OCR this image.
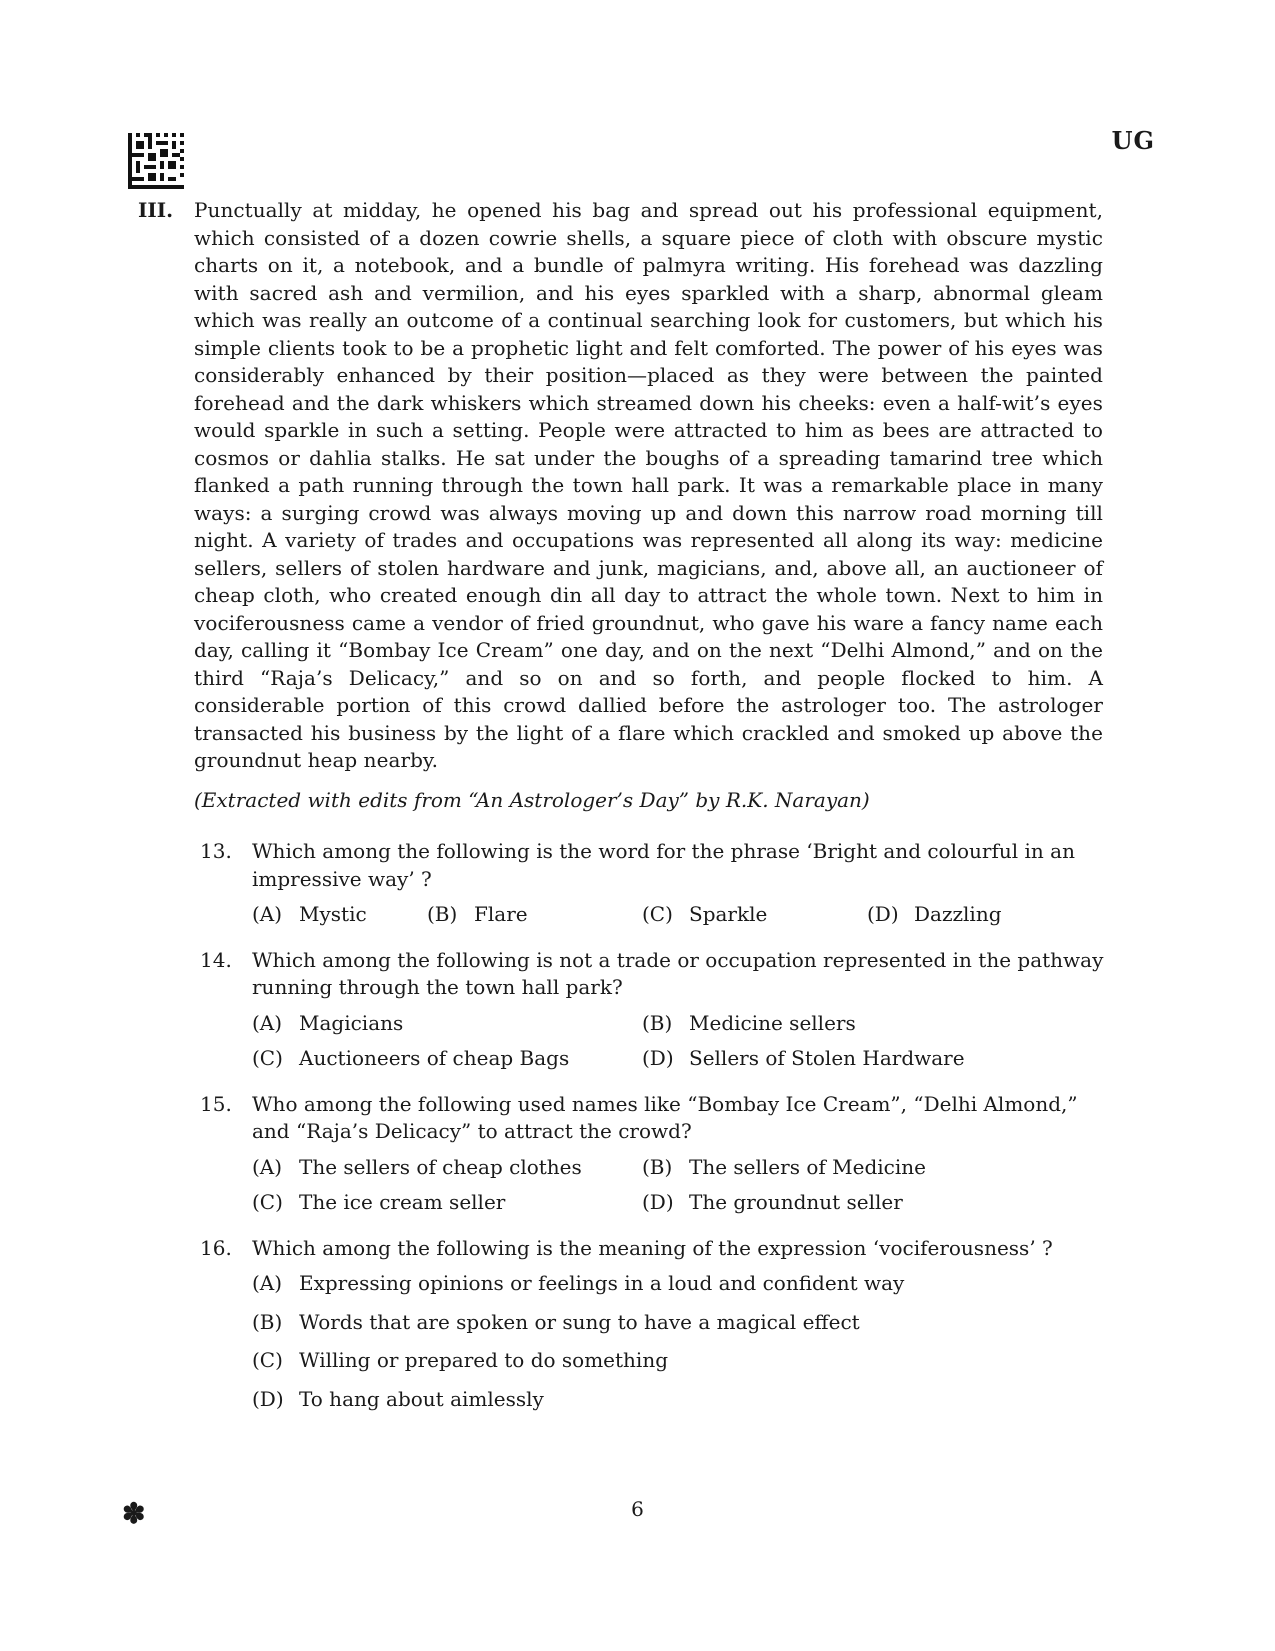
UG
III. Punctually at midday, he opened his bag and spread out his professional equipment, which consisted of a dozen cowrie shells, a square piece of cloth with obscure mystic charts on it, a notebook, and a bundle of palmyra writing. His forehead was dazzling with sacred ash and vermilion, and his eyes sparkled with a sharp, abnormal gleam which was really an outcome of a continual searching look for customers, but which his simple clients took to be a prophetic light and felt comforted. The power of his eyes was considerably enhanced by their position—placed as they were between the painted forehead and the dark whiskers which streamed down his cheeks: even a half-wit’s eyes would sparkle in such a setting. People were attracted to him as bees are attracted to cosmos or dahlia stalks. He sat under the boughs of a spreading tamarind tree which flanked a path running through the town hall park. It was a remarkable place in many ways: a surging crowd was always moving up and down this narrow road morning till night. A variety of trades and occupations was represented all along its way: medicine sellers, sellers of stolen hardware and junk, magicians, and, above all, an auctioneer of cheap cloth, who created enough din all day to attract the whole town. Next to him in vociferousness came a vendor of fried groundnut, who gave his ware a fancy name each day, calling it “Bombay Ice Cream” one day, and on the next “Delhi Almond,” and on the third “Raja’s Delicacy,” and so on and so forth, and people flocked to him. A considerable portion of this crowd dallied before the astrologer too. The astrologer transacted his business by the light of a flare which crackled and smoked up above the groundnut heap nearby.
(Extracted with edits from “An Astrologer’s Day” by R.K. Narayan)
13.	Which among the following is the word for the phrase ‘Bright and colourful in an impressive way’ ?
(A) Mystic	(B) Flare	(C) Sparkle	(D) Dazzling
14.	Which among the following is not a trade or occupation represented in the pathway running through the town hall park?
(A) Magicians	(B) Medicine sellers
(C) Auctioneers of cheap Bags	(D) Sellers of Stolen Hardware
15.	Who among the following used names like “Bombay Ice Cream”, “Delhi Almond,” and “Raja’s Delicacy” to attract the crowd?
(A) The sellers of cheap clothes	(B) The sellers of Medicine
(C) The ice cream seller	(D) The groundnut seller
16.	Which among the following is the meaning of the expression ‘vociferousness’ ?
(A) Expressing opinions or feelings in a loud and confident way
(B) Words that are spoken or sung to have a magical effect
(C) Willing or prepared to do something
(D) To hang about aimlessly
✽	6
